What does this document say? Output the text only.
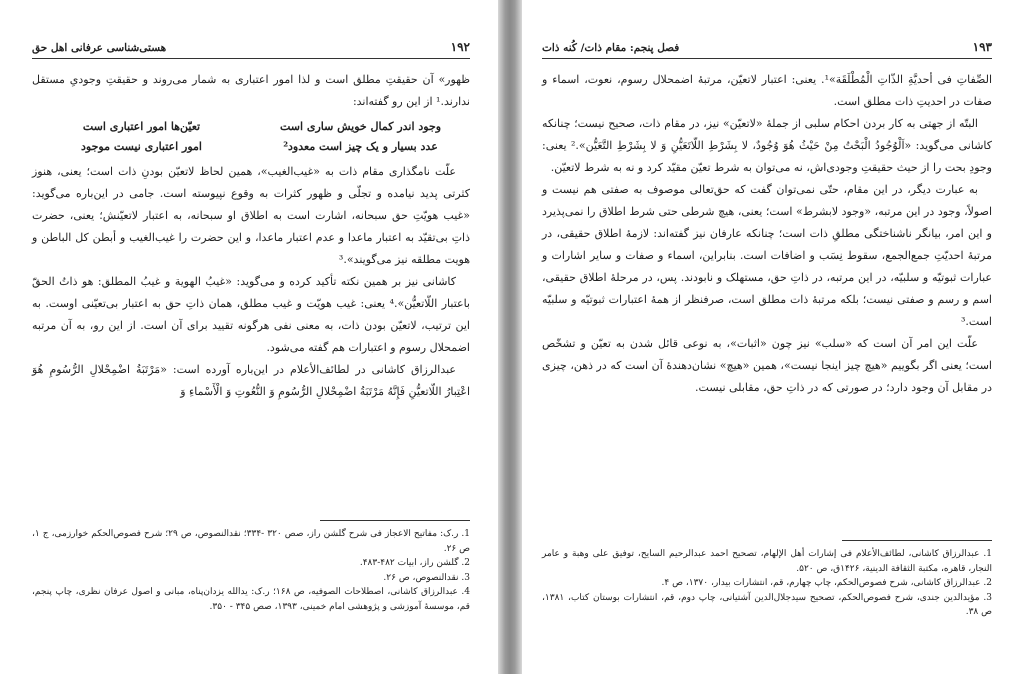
۱۹۲
هستی‌شناسی عرفانی اهل حق

ظهور» آن حقیقتِ مطلق است و لذا امور اعتباری به شمار می‌روند و حقیقتِ وجودیِ مستقل ندارند.¹ از این رو گفته‌اند:

وجود اندر کمال خویش ساری است
تعیّن‌ها امور اعتباری است
عدد بسیار و یک چیز است معدود²
امور اعتباری نیست موجود

علّت نامگذاری مقام ذات به «غیب‌الغیب»، همین لحاظ لاتعیّن بودنِ ذات است؛ یعنی، هنوز کثرتی پدید نیامده و تجلّی و ظهور کثرات به وقوع نپیوسته است. جامی در این‌باره می‌گوید: «غیب هویّتِ حق سبحانه، اشارت است به اطلاق او سبحانه، به اعتبار لاتعیّنش؛ یعنی، حضرت ذاتِ بی‌تقیّد به اعتبار ماعدا و عدم اعتبار ماعدا، و این حضرت را غیب‌الغیب و أبطن کل الباطن و هویت مطلقه نیز می‌گویند».³

کاشانی نیز بر همین نکته تأکید کرده و می‌گوید: «غیبُ الهویة و غیبُ المطلق: هو ذاتُ الحقّ باعتبار اللّاتعیُّن».⁴ یعنی: غیب هویّت و غیب مطلق، همان ذاتِ حق به اعتبار بی‌تعیّنی اوست. به این ترتیب، لاتعیّن بودن ذات، به معنی نفی هرگونه تقیید برای آن است. از این رو، به آن مرتبه اضمحلال رسوم و اعتبارات هم گفته می‌شود.

عبدالرزاق کاشانی در لطائف‌الأعلام در این‌باره آورده است: «مَرْتَبَةُ اضْمِحْلالِ الرُّسُومِ هُوَ اعْتِبارُ اللّاتعیُّنِ فَإِنَّهُ مَرْتَبَةُ اضْمِحْلالِ الرُّسُومِ وَ النُّعُوتِ وَ الْأَسْماءِ وَ

1. ر.ک: مفاتیح الاعجاز فی شرح گلشن راز، صص ۳۲۰ -۳۳۴؛ نقدالنصوص، ص ۲۹؛ شرح فصوص‌الحکم خوارزمی، ج ۱، ص ۲۶.

2. گلشن راز، ابیات ۴۸۲-۴۸۳.

3. نقدالنصوص، ص ۲۶.

4. عبدالرزاق کاشانی، اصطلاحات الصوفیه، ص ۱۶۸؛ ر.ک: یدالله یزدان‌پناه، مبانی و اصول عرفان نظری، چاپ پنجم، قم، موسسهٔ آموزشی و پژوهشی امام خمینی، ۱۳۹۳، صص ۳۴۵ - ۳۵۰.

۱۹۳
فصل پنجم: مقام ذات/ کُنه ذات

الصِّفاتِ فی أحدیَّةِ الذّاتِ الْمُطْلَقَة»¹. یعنی: اعتبار لاتعیّن، مرتبهٔ اضمحلال رسوم، نعوت، اسماء و صفات در احدیتِ ذات مطلق است.

البتّه از جهتی به کار بردن احکام سلبی از جملهٔ «لاتعیّن» نیز، در مقام ذات، صحیح نیست؛ چنانکه کاشانی می‌گوید: «اَلْوُجُودُ الْبَحْتُ مِنْ حَیْثُ هُوَ وُجُودٌ، لا بِشَرْطِ اللّاتَعَیُّنِ وَ لا بِشَرْطِ التَّعَیُّن».² یعنی: وجودِ بحت را از حیث حقیقتِ وجودی‌اش، نه می‌توان به شرط تعیّن مقیّد کرد و نه به شرط لاتعیّن.

به عبارت دیگر، در این مقام، حتّی نمی‌توان گفت که حق‌تعالی موصوف به صفتی هم نیست و اصولاً، وجود در این مرتبه، «وجود لابشرط» است؛ یعنی، هیچ شرطی حتی شرط اطلاق را نمی‌پذیرد و این امر، بیانگر ناشناختگی مطلقِ ذات است؛ چنانکه عارفان نیز گفته‌اند: لازمهٔ اطلاق حقیقی، در مرتبهٔ احدیّتِ جمع‌الجمع، سقوط نِسَب و اضافات است. بنابراین، اسماء و صفات و سایر اشارات و عبارات ثبوتیّه و سلبیّه، در این مرتبه، در ذاتِ حق، مستهلک و نابودند. پس، در مرحلهٔ اطلاق حقیقی، اسم و رسم و صفتی نیست؛ بلکه مرتبهٔ ذات مطلق است، صرفنظر از همهٔ اعتبارات ثبوتیّه و سلبیّه است.³

علّت این امر آن است که «سلب» نیز چون «اثبات»، به نوعی قائل شدن به تعیّن و تشخّص است؛ یعنی اگر بگوییم «هیچ چیز اینجا نیست»، همین «هیچ» نشان‌دهندهٔ آن است که در ذهن، چیزی در مقابل آن وجود دارد؛ در صورتی که در ذاتِ حق، مقابلی نیست.

1. عبدالرزاق کاشانی، لطائف‌الأعلام فی إشارات أهل الإلهام، تصحیح احمد عبدالرحیم السایح، توفیق علی وهبة و عامر النجار، قاهره، مکتبة الثقافة الدینیة، ۱۴۲۶ق، ص ۵۲۰.

2. عبدالرزاق کاشانی، شرح فصوص‌الحکم، چاپ چهارم، قم، انتشارات بیدار، ۱۳۷۰، ص ۴.

3. مؤیدالدین جندی، شرح فصوص‌الحکم، تصحیح سیدجلال‌الدین آشتیانی، چاپ دوم، قم، انتشارات بوستان کتاب، ۱۳۸۱، ص ۳۸.
